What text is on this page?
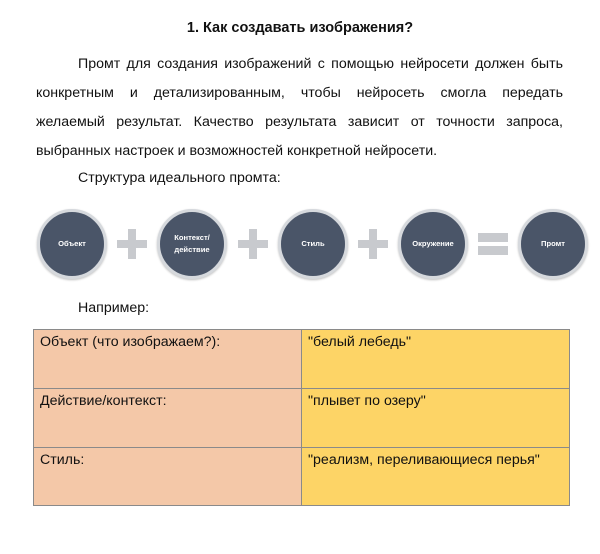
1. Как создавать изображения?

Промт для создания изображений с помощью нейросети должен быть конкретным и детализированным, чтобы нейросеть смогла передать желаемый результат. Качество результата зависит от точности запроса, выбранных настроек и возможностей конкретной нейросети.

Структура идеального промта:
Объект
Контекст/ действие
Стиль	Окружение	Промт
Например:
Объект (что изображаем?):	"белый лебедь"
Действие/контекст:	"плывет по озеру"
Стиль:	"реализм, переливающиеся перья"
